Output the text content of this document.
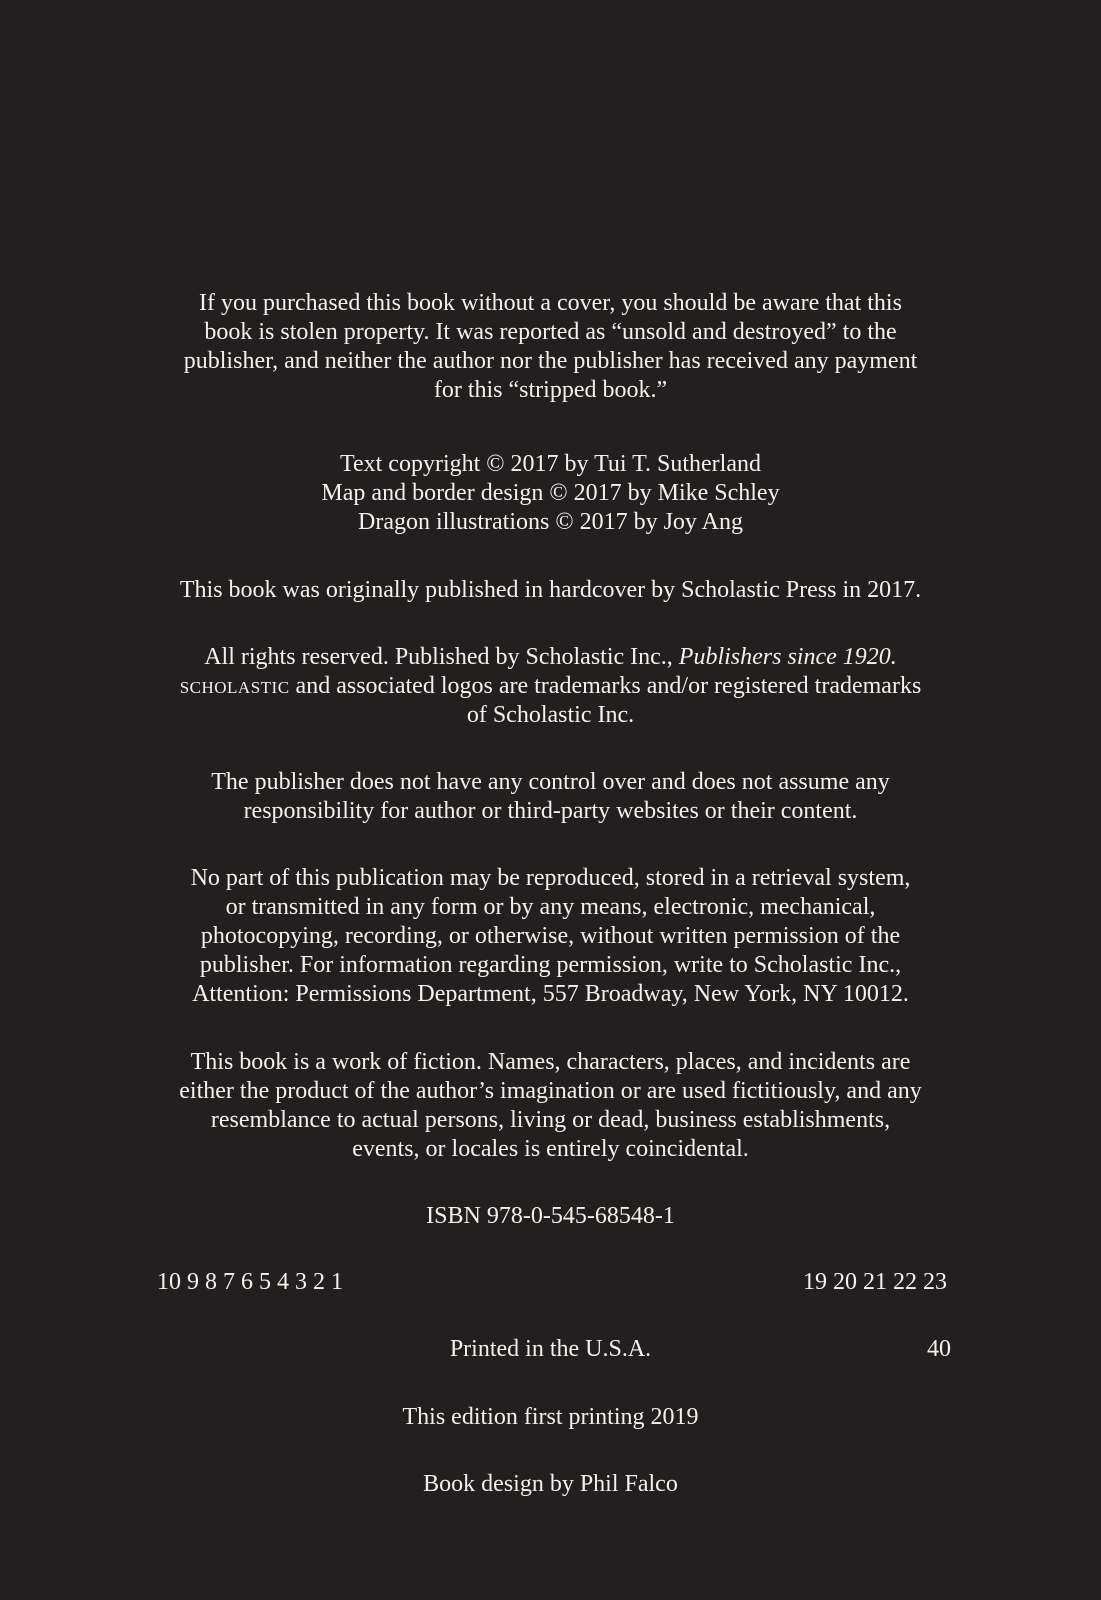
If you purchased this book without a cover, you should be aware that this
book is stolen property. It was reported as “unsold and destroyed” to the
publisher, and neither the author nor the publisher has received any payment
for this “stripped book.”
Text copyright © 2017 by Tui T. Sutherland
Map and border design © 2017 by Mike Schley
Dragon illustrations © 2017 by Joy Ang
This book was originally published in hardcover by Scholastic Press in 2017.
All rights reserved. Published by Scholastic Inc., Publishers since 1920.
scholastic and associated logos are trademarks and/or registered trademarks
of Scholastic Inc.
The publisher does not have any control over and does not assume any
responsibility for author or third-party websites or their content.
No part of this publication may be reproduced, stored in a retrieval system,
or transmitted in any form or by any means, electronic, mechanical,
photocopying, recording, or otherwise, without written permission of the
publisher. For information regarding permission, write to Scholastic Inc.,
Attention: Permissions Department, 557 Broadway, New York, NY 10012.
This book is a work of fiction. Names, characters, places, and incidents are
either the product of the author’s imagination or are used fictitiously, and any
resemblance to actual persons, living or dead, business establishments,
events, or locales is entirely coincidental.
ISBN 978-0-545-68548-1
10 9 8 7 6 5 4 3 2 1	19 20 21 22 23
Printed in the U.S.A.	40
This edition first printing 2019
Book design by Phil Falco
